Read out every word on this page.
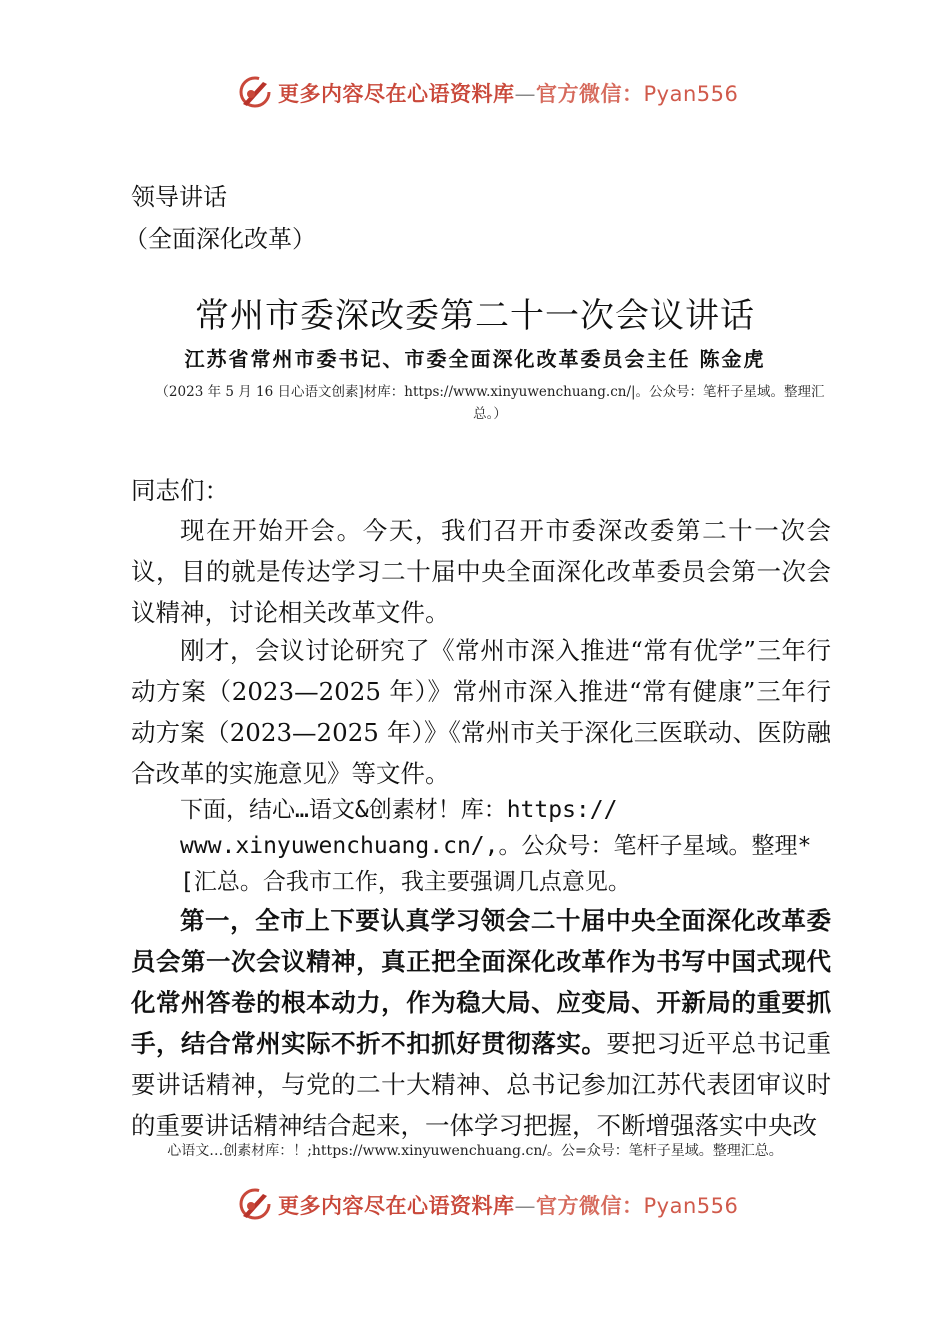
更多内容尽在心语资料库—官方微信：Pyan556
领导讲话
（全面深化改革）
常州市委深改委第二十一次会议讲话
江苏省常州市委书记、市委全面深化改革委员会主任 陈金虎
（2023 年 5 月 16 日心语文创素]材库：https://www.xinyuwenchuang.cn/|。公众号：笔杆子星域。整理汇总。）
同志们：
现在开始开会。今天，我们召开市委深改委第二十一次会议，目的就是传达学习二十届中央全面深化改革委员会第一次会议精神，讨论相关改革文件。
刚才，会议讨论研究了《常州市深入推进“常有优学”三年行动方案（2023—2025 年）》常州市深入推进“常有健康”三年行动方案（2023—2025 年）》《常州市关于深化三医联动、医防融合改革的实施意见》等文件。
下面，结心…语文&创素材！库：https://
www.xinyuwenchuang.cn/,。公众号：笔杆子星域。整理*
[汇总。合我市工作，我主要强调几点意见。
第一，全市上下要认真学习领会二十届中央全面深化改革委员会第一次会议精神，真正把全面深化改革作为书写中国式现代化常州答卷的根本动力，作为稳大局、应变局、开新局的重要抓手，结合常州实际不折不扣抓好贯彻落实。要把习近平总书记重要讲话精神，与党的二十大精神、总书记参加江苏代表团审议时的重要讲话精神结合起来，一体学习把握，不断增强落实中央改
心语文…创素材库：！;https://www.xinyuwenchuang.cn/。公=众号：笔杆子星域。整理汇总。
更多内容尽在心语资料库—官方微信：Pyan556
